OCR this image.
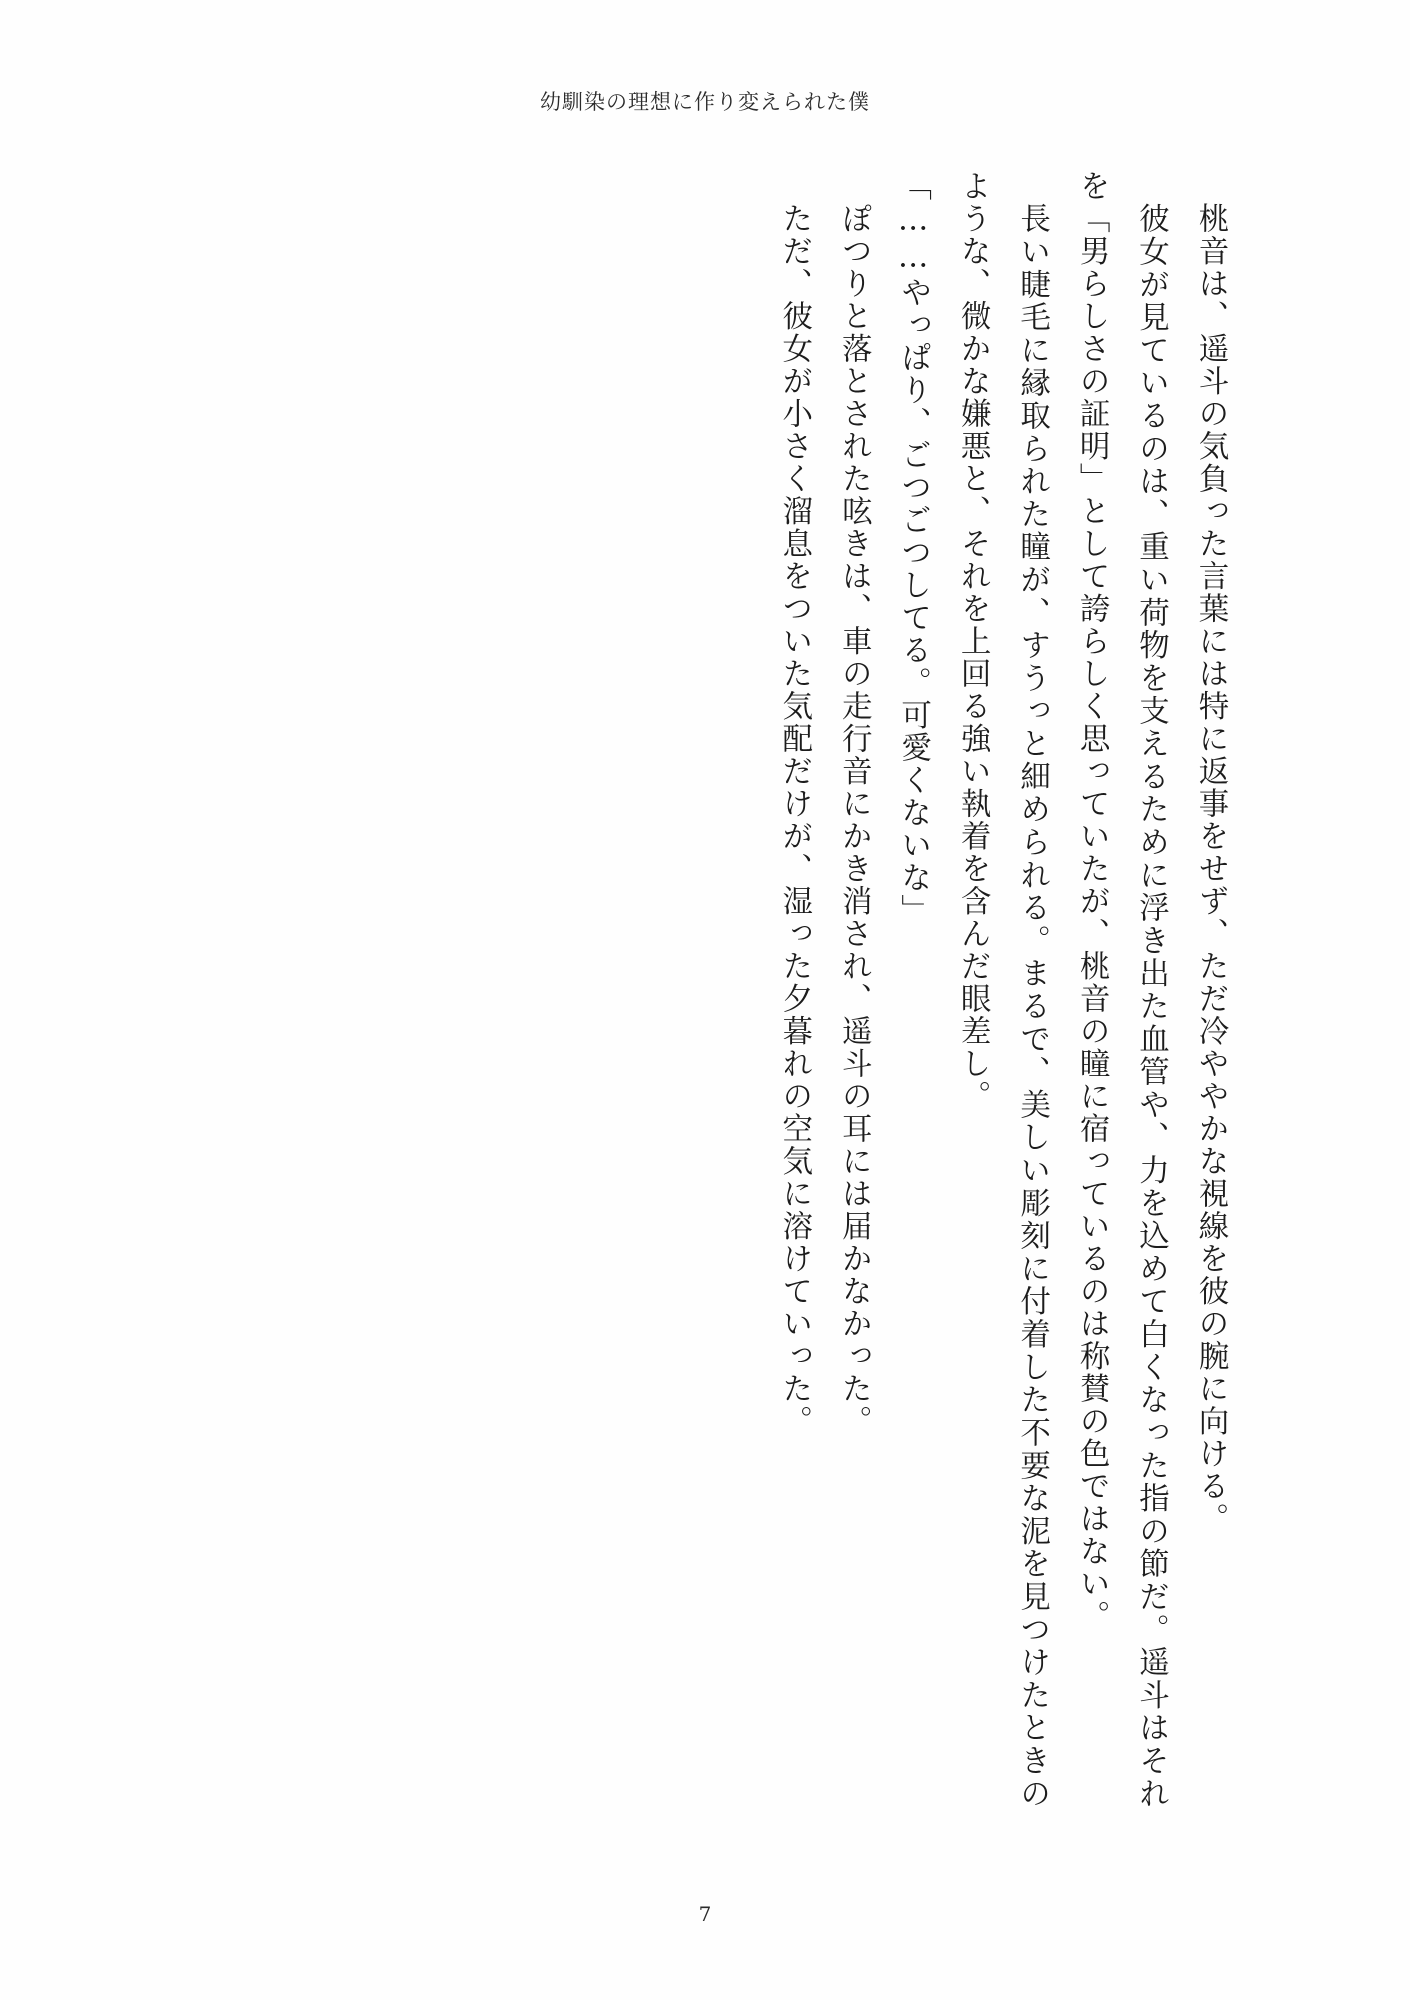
幼馴染の理想に作り変えられた僕
　桃音は、遥斗の気負った言葉には特に返事をせず、ただ冷ややかな視線を彼の腕に向ける。
　彼女が見ているのは、重い荷物を支えるために浮き出た血管や、力を込めて白くなった指の節だ。遥斗はそれを「男らしさの証明」として誇らしく思っていたが、桃音の瞳に宿っているのは称賛の色ではない。
　長い睫毛に縁取られた瞳が、すうっと細められる。まるで、美しい彫刻に付着した不要な泥を見つけたときのような、微かな嫌悪と、それを上回る強い執着を含んだ眼差し。
「……やっぱり、ごつごつしてる。可愛くないな」
　ぽつりと落とされた呟きは、車の走行音にかき消され、遥斗の耳には届かなかった。
　ただ、彼女が小さく溜息をついた気配だけが、湿った夕暮れの空気に溶けていった。
7
